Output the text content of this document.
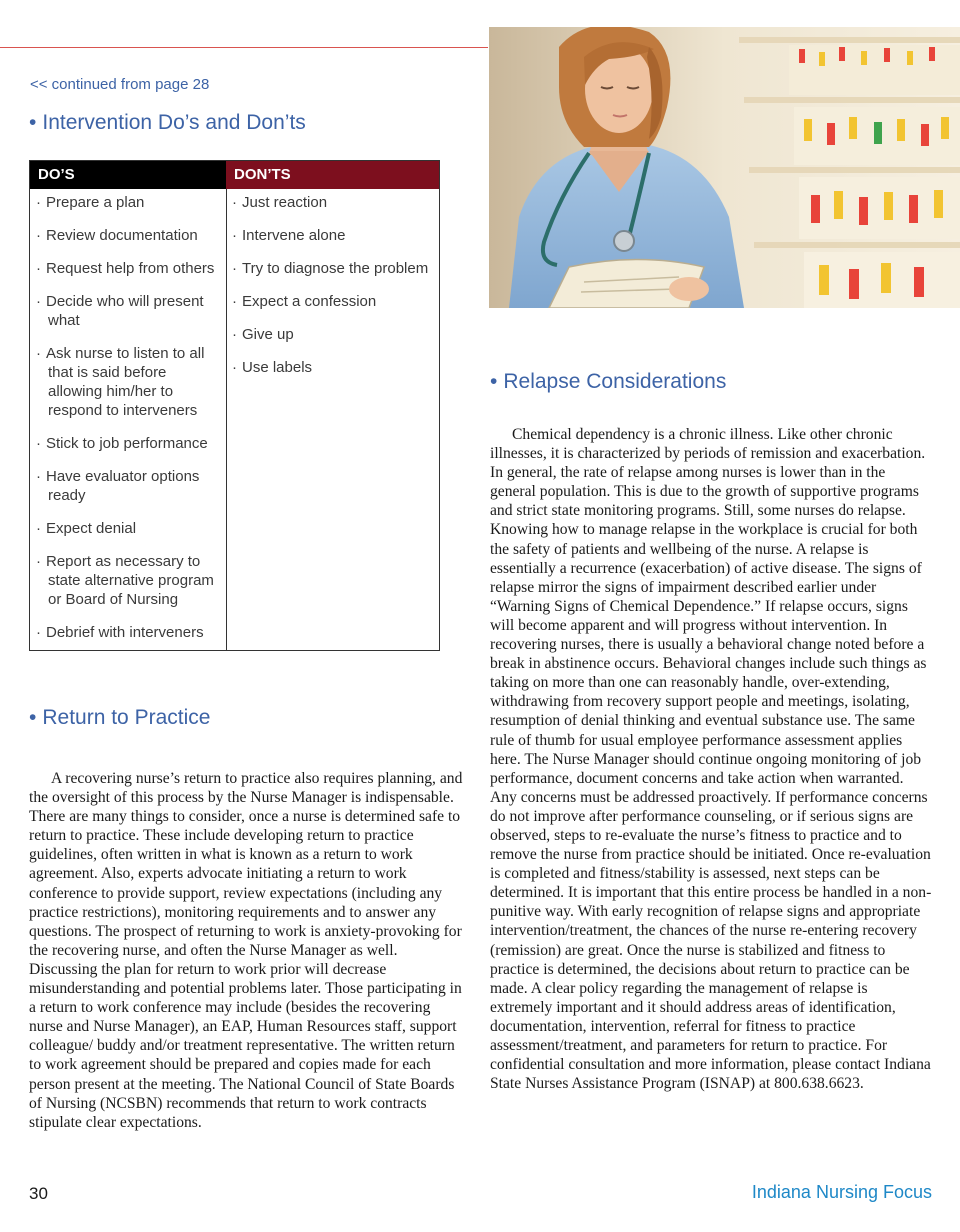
<< continued from page 28
• Intervention Do’s and Don’ts
DO’S
· Prepare a plan
· Review documentation
· Request help from others
· Decide who will present what
· Ask nurse to listen to all that is said before allowing him/her to respond to interveners
· Stick to job performance
· Have evaluator options ready
· Expect denial
· Report as necessary to state alternative program or Board of Nursing
· Debrief with interveners
DON’TS
· Just reaction
· Intervene alone
· Try to diagnose the problem
· Expect a confession
· Give up
· Use labels
• Return to Practice

A recovering nurse’s return to practice also requires planning, and the oversight of this process by the Nurse Manager is indispensable. There are many things to consider, once a nurse is determined safe to return to practice. These include developing return to practice guidelines, often written in what is known as a return to work agreement. Also, experts advocate initiating a return to work conference to provide support, review expectations (including any practice restrictions), monitoring requirements and to answer any questions. The prospect of returning to work is anxiety-provoking for the recovering nurse, and often the Nurse Manager as well. Discussing the plan for return to work prior will decrease misunderstanding and potential problems later. Those participating in a return to work conference may include (besides the recovering nurse and Nurse Manager), an EAP, Human Resources staff, support colleague/ buddy and/or treatment representative. The written return to work agreement should be prepared and copies made for each person present at the meeting. The National Council of State Boards of Nursing (NCSBN) recommends that return to work contracts stipulate clear expectations.

• Relapse Considerations

Chemical dependency is a chronic illness. Like other chronic illnesses, it is characterized by periods of remission and exacerbation. In general, the rate of relapse among nurses is lower than in the general population. This is due to the growth of supportive programs and strict state monitoring programs. Still, some nurses do relapse. Knowing how to manage relapse in the workplace is crucial for both the safety of patients and wellbeing of the nurse. A relapse is essentially a recurrence (exacerbation) of active disease. The signs of relapse mirror the signs of impairment described earlier under “Warning Signs of Chemical Dependence.” If relapse occurs, signs will become apparent and will progress without intervention. In recovering nurses, there is usually a behavioral change noted before a break in abstinence occurs. Behavioral changes include such things as taking on more than one can reasonably handle, over-extending, withdrawing from recovery support people and meetings, isolating, resumption of denial thinking and eventual substance use. The same rule of thumb for usual employee performance assessment applies here. The Nurse Manager should continue ongoing monitoring of job performance, document concerns and take action when warranted. Any concerns must be addressed proactively. If performance concerns do not improve after performance counseling, or if serious signs are observed, steps to re-evaluate the nurse’s fitness to practice and to remove the nurse from practice should be initiated. Once re-evaluation is completed and fitness/stability is assessed, next steps can be determined. It is important that this entire process be handled in a non-punitive way. With early recognition of relapse signs and appropriate intervention/treatment, the chances of the nurse re-entering recovery (remission) are great. Once the nurse is stabilized and fitness to practice is determined, the decisions about return to practice can be made. A clear policy regarding the management of relapse is extremely important and it should address areas of identification, documentation, intervention, referral for fitness to practice assessment/treatment, and parameters for return to practice. For confidential consultation and more information, please contact Indiana State Nurses Assistance Program (ISNAP) at 800.638.6623.

30	Indiana Nursing Focus
